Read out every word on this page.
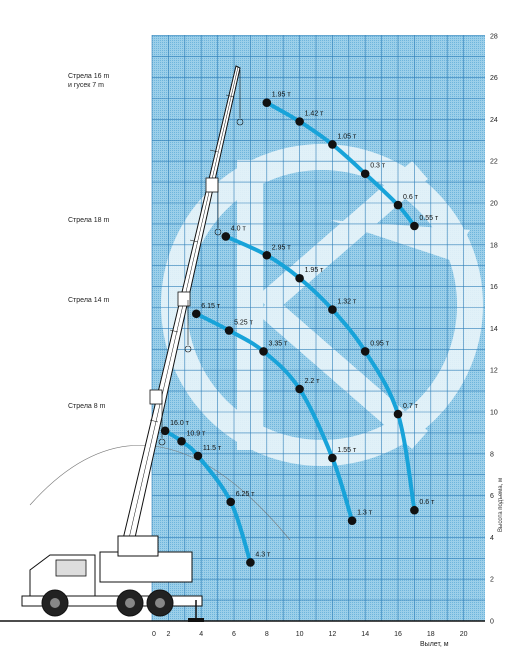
1.95 т
1.42 т
1.05 т
0.3 т
0.6 т
0.55 т
4.0 т
2.95 т
1.95 т
1.32 т
0.95 т
0.7 т
0.6 т
6.15 т
5.25 т
3.35 т
2.2 т
1.55 т
1.3 т
16.0 т
10.9 т
11.5 т
6.25 т
4.3 т
2	4	6	8	10	12	14	16	18	20
0
0
2
4
6
8
10
12
14
16
18
20
22
24
26
28
Стрела 16 m
и гусек 7 m
Стрела 18 m
Стрела 14 m
Стрела 8 m
Высота подъема, м
Вылет, м
